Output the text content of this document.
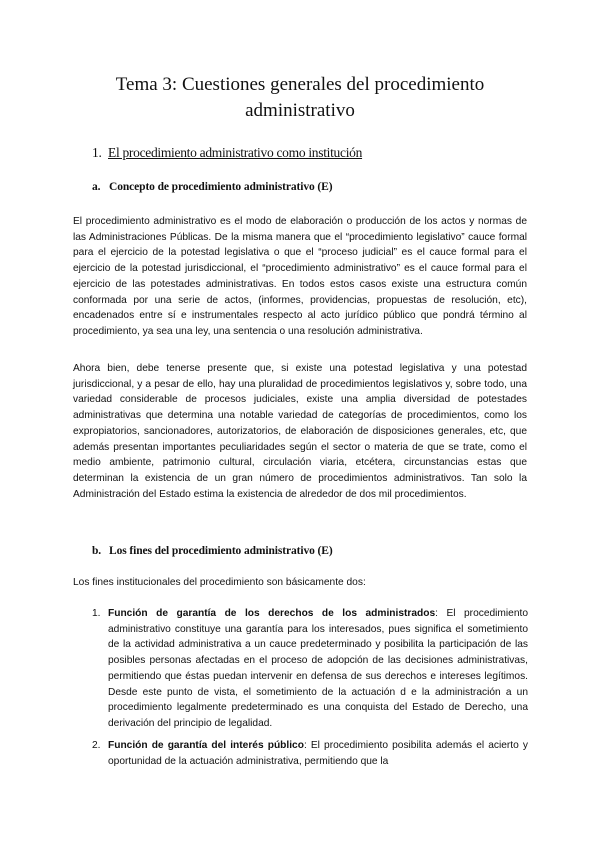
Tema 3: Cuestiones generales del procedimiento
administrativo
1. El procedimiento administrativo como institución
a. Concepto de procedimiento administrativo (E)

El procedimiento administrativo es el modo de elaboración o producción de los actos y normas de las Administraciones Públicas. De la misma manera que el “procedimiento legislativo” cauce formal para el ejercicio de la potestad legislativa o que el “proceso judicial” es el cauce formal para el ejercicio de la potestad jurisdiccional, el “procedimiento administrativo” es el cauce formal para el ejercicio de las potestades administrativas. En todos estos casos existe una estructura común conformada por una serie de actos, (informes, providencias, propuestas de resolución, etc), encadenados entre sí e instrumentales respecto al acto jurídico público que pondrá término al procedimiento, ya sea una ley, una sentencia o una resolución administrativa.

Ahora bien, debe tenerse presente que, si existe una potestad legislativa y una potestad jurisdiccional, y a pesar de ello, hay una pluralidad de procedimientos legislativos y, sobre todo, una variedad considerable de procesos judiciales, existe una amplia diversidad de potestades administrativas que determina una notable variedad de categorías de procedimientos, como los expropiatorios, sancionadores, autorizatorios, de elaboración de disposiciones generales, etc, que además presentan importantes peculiaridades según el sector o materia de que se trate, como el medio ambiente, patrimonio cultural, circulación viaria, etcétera, circunstancias estas que determinan la existencia de un gran número de procedimientos administrativos. Tan solo la Administración del Estado estima la existencia de alrededor de dos mil procedimientos.

b. Los fines del procedimiento administrativo (E)
Los fines institucionales del procedimiento son básicamente dos:
1. Función de garantía de los derechos de los administrados: El procedimiento administrativo constituye una garantía para los interesados, pues significa el sometimiento de la actividad administrativa a un cauce predeterminado y posibilita la participación de las posibles personas afectadas en el proceso de adopción de las decisiones administrativas, permitiendo que éstas puedan intervenir en defensa de sus derechos e intereses legítimos. Desde este punto de vista, el sometimiento de la actuación d e la administración a un procedimiento legalmente predeterminado es una conquista del Estado de Derecho, una derivación del principio de legalidad.
2. Función de garantía del interés público: El procedimiento posibilita además el acierto y oportunidad de la actuación administrativa, permitiendo que la
